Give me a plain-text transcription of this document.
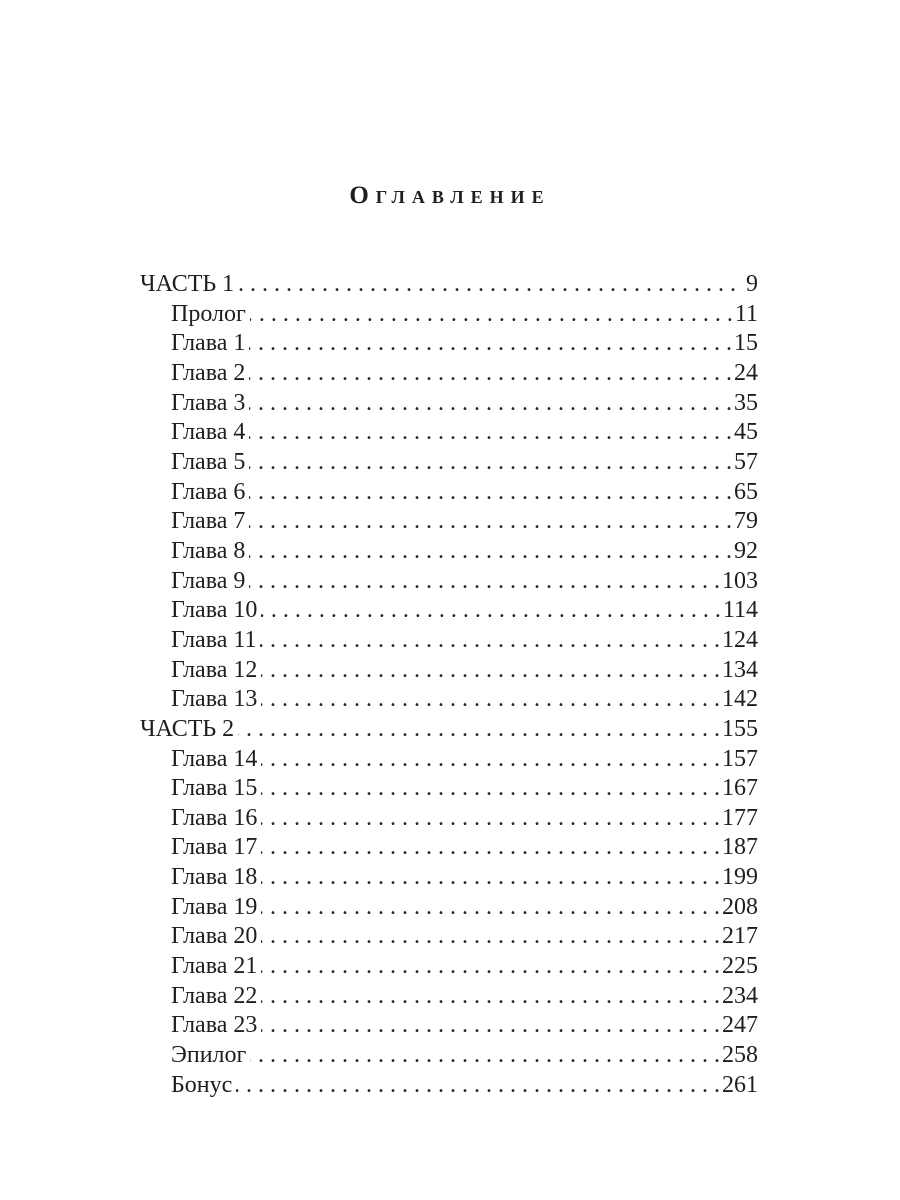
Оглавление
ЧАСТЬ 1 . . .	9
Пролог . . .	11
Глава 1 . . .	15
Глава 2 . . .	24
Глава 3 . . .	35
Глава 4 . . .	45
Глава 5 . . .	57
Глава 6 . . .	65
Глава 7 . . .	79
Глава 8 . . .	92
Глава 9 . . .	103
Глава 10 . . .	114
Глава 11 . . .	124
Глава 12 . . .	134
Глава 13 . . .	142
ЧАСТЬ 2 . . .	155
Глава 14 . . .	157
Глава 15 . . .	167
Глава 16 . . .	177
Глава 17 . . .	187
Глава 18 . . .	199
Глава 19 . . .	208
Глава 20 . . .	217
Глава 21 . . .	225
Глава 22 . . .	234
Глава 23 . . .	247
Эпилог . . .	258
Бонус . . .	261
